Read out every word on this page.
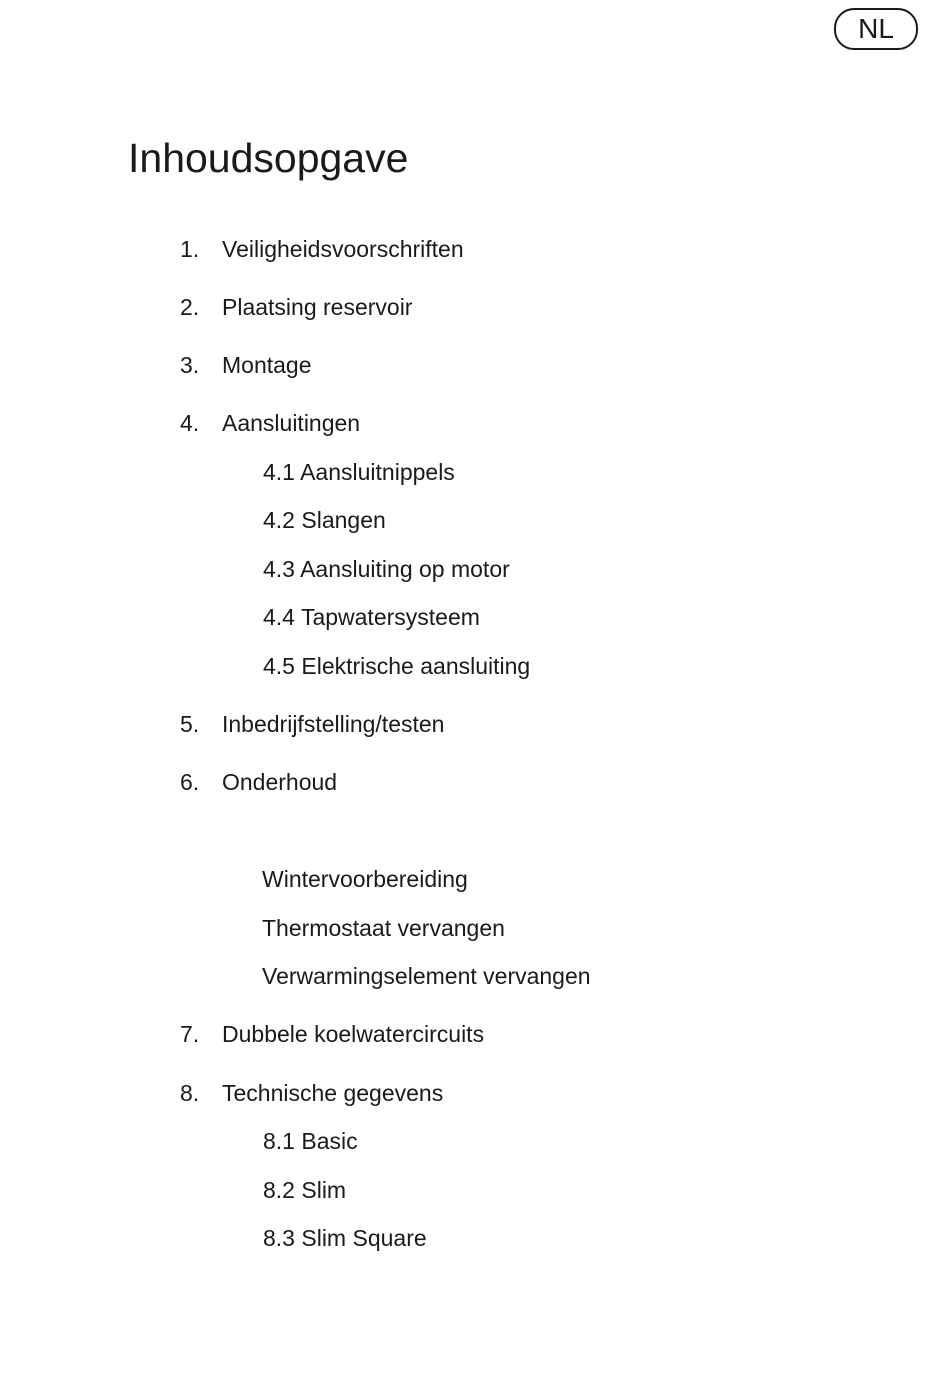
NL
Inhoudsopgave
1. Veiligheidsvoorschriften
2. Plaatsing reservoir
3. Montage
4. Aansluitingen
4.1 Aansluitnippels
4.2 Slangen
4.3 Aansluiting op motor
4.4 Tapwatersysteem
4.5 Elektrische aansluiting
5. Inbedrijfstelling/testen
6. Onderhoud
Wintervoorbereiding
Thermostaat vervangen
Verwarmingselement vervangen
7. Dubbele koelwatercircuits
8. Technische gegevens
8.1 Basic
8.2 Slim
8.3 Slim Square
